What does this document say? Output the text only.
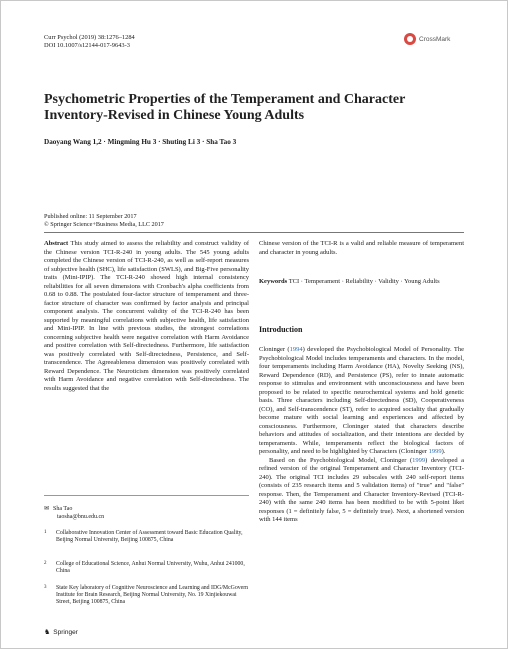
Curr Psychol (2019) 38:1276–1284
DOI 10.1007/s12144-017-9643-3
CrossMark
Psychometric Properties of the Temperament and Character Inventory-Revised in Chinese Young Adults
Daoyang Wang 1,2 · Mingming Hu 3 · Shuting Li 3 · Sha Tao 3
Published online: 11 September 2017
© Springer Science+Business Media, LLC 2017
Abstract This study aimed to assess the reliability and construct validity of the Chinese version TCI-R-240 in young adults. The 545 young adults completed the Chinese version of TCI-R-240, as well as self-report measures of subjective health (SHC), life satisfaction (SWLS), and Big-Five personality traits (Mini-IPIP). The TCI-R-240 showed high internal consistency reliabilities for all seven dimensions with Cronbach's alpha coefficients from 0.68 to 0.88. The postulated four-factor structure of temperament and three-factor structure of character was confirmed by factor analysis and principal component analysis. The concurrent validity of the TCI-R-240 has been supported by meaningful correlations with subjective health, life satisfaction and Mini-IPIP. In line with previous studies, the strongest correlations concerning subjective health were negative correlation with Harm Avoidance and positive correlation with Self-directedness. Furthermore, life satisfaction was positively correlated with Self-directedness, Persistence, and Self-transcendence. The Agreeableness dimension was positively correlated with Reward Dependence. The Neuroticism dimension was positively correlated with Harm Avoidance and negative correlation with Self-directedness. The results suggested that the
Chinese version of the TCI-R is a valid and reliable measure of temperament and character in young adults.
Keywords TCI · Temperament · Reliability · Validity · Young Adults
Introduction
Cloninger (1994) developed the Psychobiological Model of Personality. The Psychobiological Model includes temperaments and characters. In the model, four temperaments including Harm Avoidance (HA), Novelty Seeking (NS), Reward Dependence (RD), and Persistence (PS), refer to innate automatic response to stimulus and environment with unconsciousness and have been proposed to be related to specific neurochemical systems and hold genetic basis. Three characters including Self-directedness (SD), Cooperativeness (CO), and Self-transcendence (ST), refer to acquired sociality that gradually become mature with social learning and experiences and affected by consciousness. Furthermore, Cloninger stated that characters describe behaviors and attitudes of socialization, and their intentions are decided by temperaments. While, temperaments reflect the biological factors of personality, and need to be highlighted by Characters (Cloninger 1999).
Based on the Psychobiological Model, Cloninger (1999) developed a refined version of the original Temperament and Character Inventory (TCI-240). The original TCI includes 29 subscales with 240 self-report items (consists of 235 research items and 5 validation items) of "true" and "false" response. Then, the Temperament and Character Inventory-Revised (TCI-R-240) with the same 240 items has been modified to be with 5-point liket responses (1 = definitely false, 5 = definitely true). Next, a shortened version with 144 items
✉ Sha Tao
taosha@bnu.edu.cn
1 Collaborative Innovation Center of Assessment toward Basic Education Quality, Beijing Normal University, Beijing 100875, China
2 College of Educational Science, Anhui Normal University, Wuhu, Anhui 241000, China
3 State Key laboratory of Cognitive Neuroscience and Learning and IDG/McGovern Institute for Brain Research, Beijing Normal University, No. 19 Xinjiekouwai Street, Beijing 100875, China
♞ Springer
